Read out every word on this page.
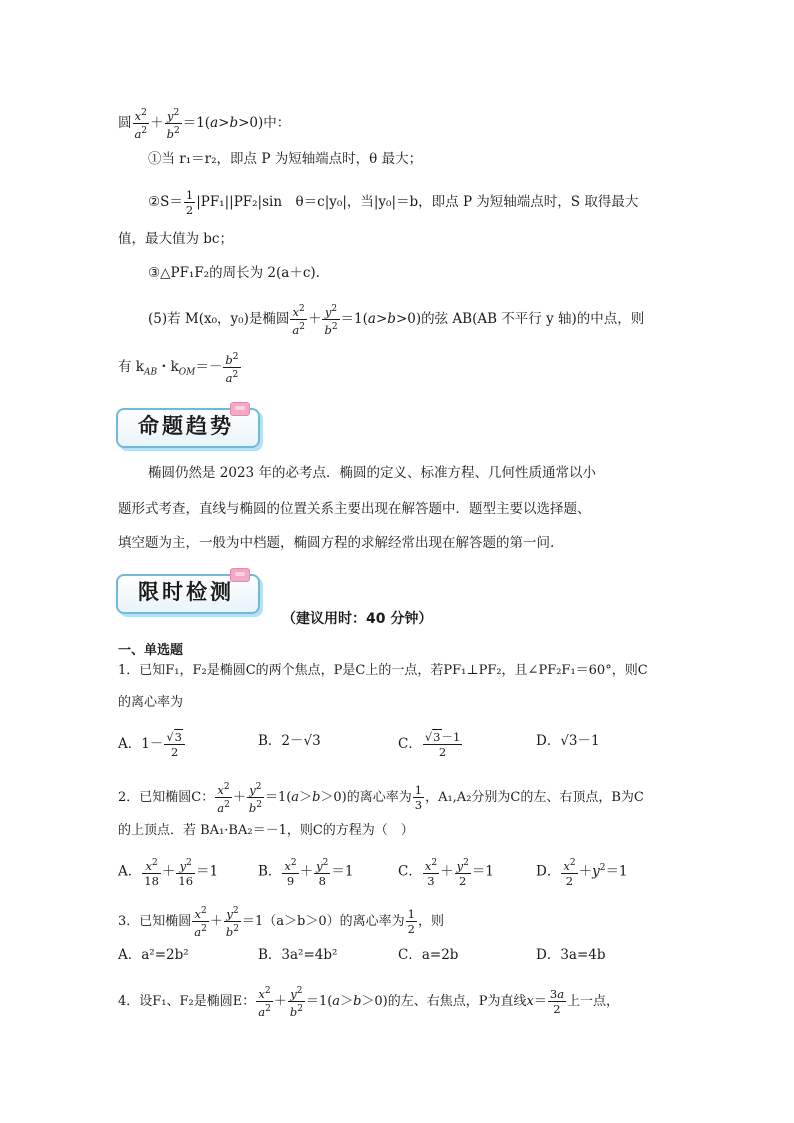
圆 $\frac{x^2}{a^2} + \frac{y^2}{b^2} =1(a>b>0)$中：
①当 r₁＝r₂，即点 P 为短轴端点时，θ 最大；
②S＝ $\frac{1}{2} |PF_1||PF_2|\sin$　θ＝c|y₀|，当|y₀|＝b，即点 P 为短轴端点时，S 取得最大
值，最大值为 bc；
③△PF₁F₂的周长为 2(a＋c)．
(5)若 M(x₀，y₀)是椭圆 $\frac{x^2}{a^2} + \frac{y^2}{b^2} =1(a>b>0)$的弦 AB(AB 不平行 y 轴)的中点，则
有 $k_{AB}$・$k_{OM}=- \frac{b^2}{a^2}$
命题趋势
椭圆仍然是 2023 年的必考点．椭圆的定义、标准方程、几何性质通常以小
题形式考查，直线与椭圆的位置关系主要出现在解答题中．题型主要以选择题、
填空题为主，一般为中档题，椭圆方程的求解经常出现在解答题的第一问.
限时检测
（建议用时：40 分钟）
一、单选题
1．已知F₁，F₂是椭圆C的两个焦点，P是C上的一点，若PF₁⊥PF₂，且∠PF₂F₁＝60°，则C
的离心率为
A．$1- \frac{√3}{2}$	B．2－√3	C． $\frac{√3-1}{2}$	D．√3－1
2．已知椭圆C： $\frac{x^2}{a^2} + \frac{y^2}{b^2} =1(a>b>0)$的离心率为 $\frac{1}{3}$ ，A₁,A₂分别为C的左、右顶点，B为C
的上顶点．若 BA₁·BA₂＝－1，则C的方程为（　）
A． $\frac{x^2}{18} + \frac{y^2}{16} =1$	B． $\frac{x^2}{9} + \frac{y^2}{8} =1$	C． $\frac{x^2}{3} + \frac{y^2}{2} =1$	D． $\frac{x^2}{2} +y^2=1$
3．已知椭圆 $\frac{x^2}{a^2} + \frac{y^2}{b^2} =1(a>b>0)$的离心率为 $\frac{1}{2}$ ，则
A．a²=2b²	B．3a²=4b²	C．a=2b	D．3a=4b
4．设F₁、F₂是椭圆E： $\frac{x^2}{a^2} + \frac{y^2}{b^2} =1(a>b>0)$的左、右焦点，P为直线$x= \frac{3a}{2}$ 上一点，
